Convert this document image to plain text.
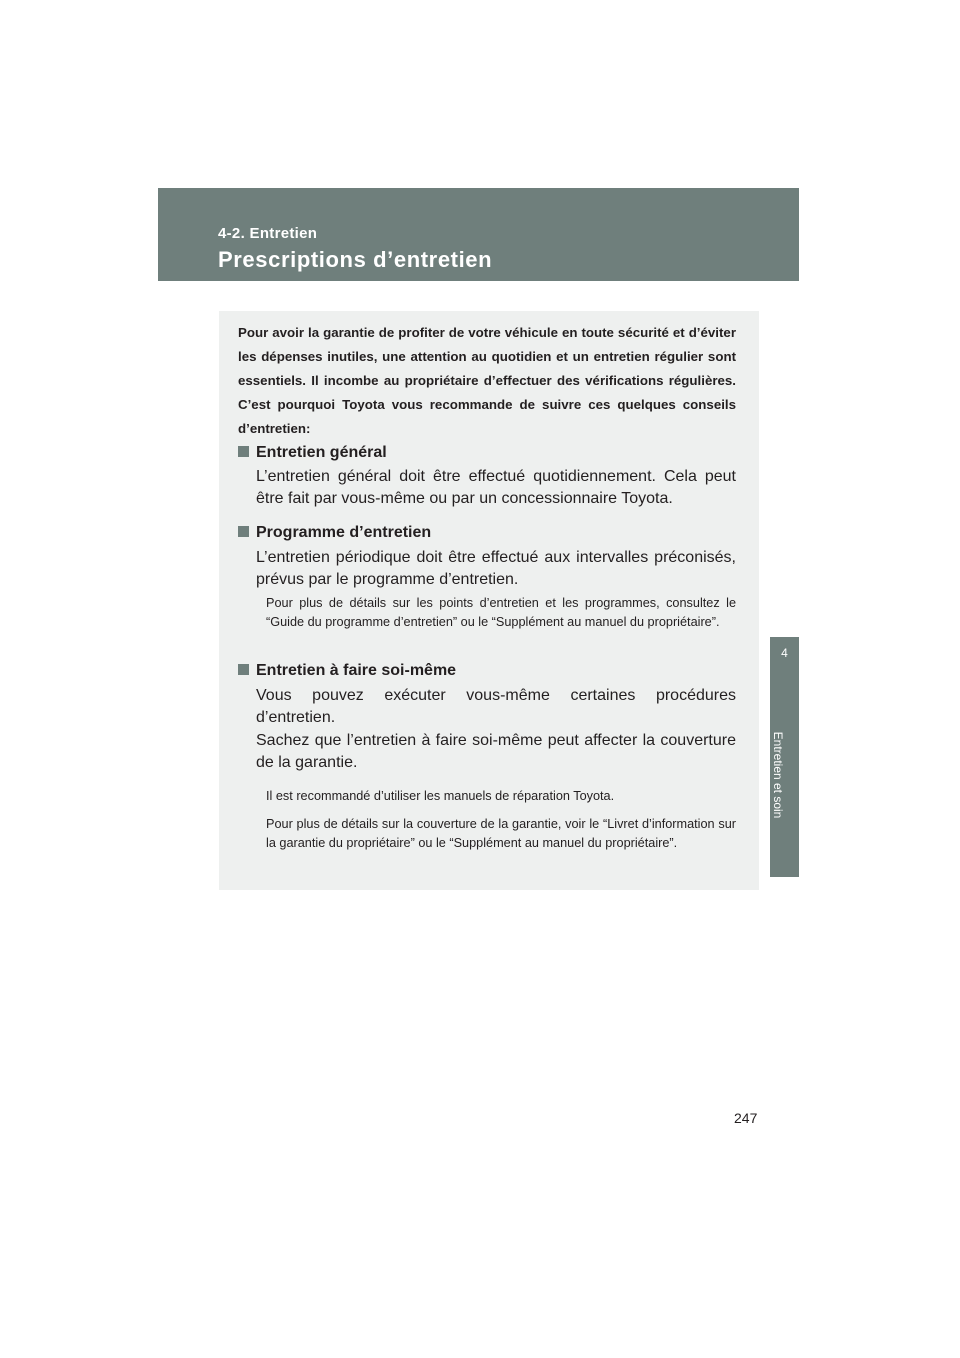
4-2. Entretien
Prescriptions d’entretien
4
Entretien et soin

Pour avoir la garantie de profiter de votre véhicule en toute sécurité et d’éviter les dépenses inutiles, une attention au quotidien et un entretien régulier sont essentiels. Il incombe au propriétaire d’effectuer des vérifications régulières. C’est pourquoi Toyota vous recommande de suivre ces quelques conseils d’entretien:

Entretien général

L’entretien général doit être effectué quotidiennement. Cela peut être fait par vous-même ou par un concessionnaire Toyota.

Programme d’entretien

L’entretien périodique doit être effectué aux intervalles préconisés, prévus par le programme d’entretien.

Pour plus de détails sur les points d’entretien et les programmes, consultez le “Guide du programme d’entretien” ou le “Supplément au manuel du propriétaire”.

Entretien à faire soi-même

Vous pouvez exécuter vous-même certaines procédures d’entretien.

Sachez que l’entretien à faire soi-même peut affecter la couverture de la garantie.

Il est recommandé d’utiliser les manuels de réparation Toyota.

Pour plus de détails sur la couverture de la garantie, voir le “Livret d’information sur la garantie du propriétaire” ou le “Supplément au manuel du propriétaire”.

247
